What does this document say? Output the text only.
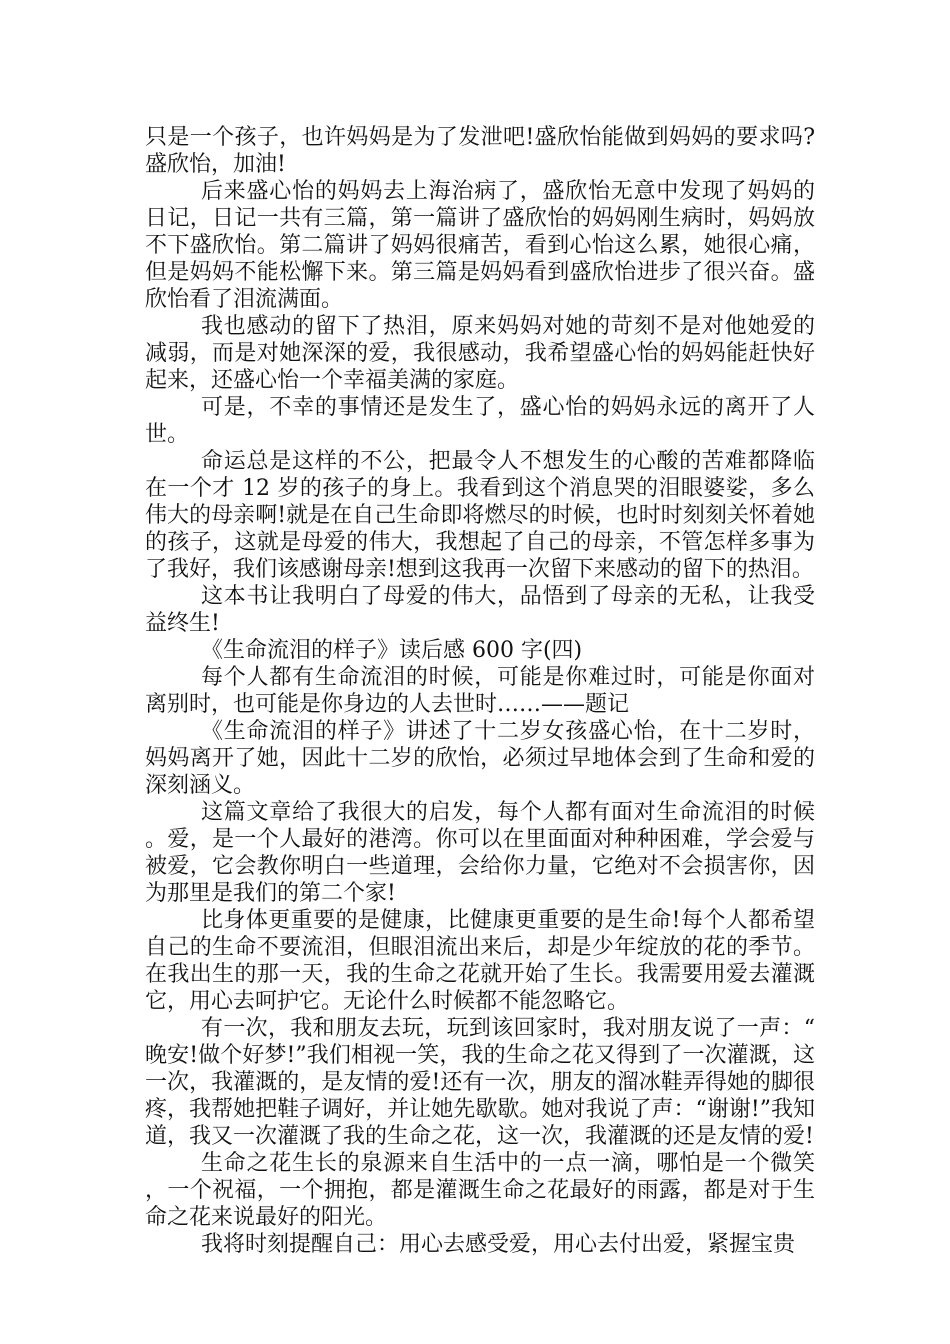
只是一个孩子，也许妈妈是为了发泄吧!盛欣怡能做到妈妈的要求吗?盛欣怡，加油!

后来盛心怡的妈妈去上海治病了，盛欣怡无意中发现了妈妈的日记，日记一共有三篇，第一篇讲了盛欣怡的妈妈刚生病时，妈妈放不下盛欣怡。第二篇讲了妈妈很痛苦，看到心怡这么累，她很心痛，但是妈妈不能松懈下来。第三篇是妈妈看到盛欣怡进步了很兴奋。盛欣怡看了泪流满面。

我也感动的留下了热泪，原来妈妈对她的苛刻不是对他她爱的减弱，而是对她深深的爱，我很感动，我希望盛心怡的妈妈能赶快好起来，还盛心怡一个幸福美满的家庭。

可是，不幸的事情还是发生了，盛心怡的妈妈永远的离开了人世。

命运总是这样的不公，把最令人不想发生的心酸的苦难都降临在一个才 12 岁的孩子的身上。我看到这个消息哭的泪眼婆娑，多么伟大的母亲啊!就是在自己生命即将燃尽的时候，也时时刻刻关怀着她的孩子，这就是母爱的伟大，我想起了自己的母亲，不管怎样多事为了我好，我们该感谢母亲!想到这我再一次留下来感动的留下的热泪。

这本书让我明白了母爱的伟大，品悟到了母亲的无私，让我受益终生!

《生命流泪的样子》读后感 600 字(四)

每个人都有生命流泪的时候，可能是你难过时，可能是你面对离别时，也可能是你身边的人去世时……——题记

《生命流泪的样子》讲述了十二岁女孩盛心怡，在十二岁时，妈妈离开了她，因此十二岁的欣怡，必须过早地体会到了生命和爱的深刻涵义。

这篇文章给了我很大的启发，每个人都有面对生命流泪的时候。爱，是一个人最好的港湾。你可以在里面面对种种困难，学会爱与被爱，它会教你明白一些道理，会给你力量，它绝对不会损害你，因为那里是我们的第二个家!

比身体更重要的是健康，比健康更重要的是生命!每个人都希望自己的生命不要流泪，但眼泪流出来后，却是少年绽放的花的季节。在我出生的那一天，我的生命之花就开始了生长。我需要用爱去灌溉它，用心去呵护它。无论什么时候都不能忽略它。

有一次，我和朋友去玩，玩到该回家时，我对朋友说了一声：“晚安!做个好梦!”我们相视一笑，我的生命之花又得到了一次灌溉，这一次，我灌溉的，是友情的爱!还有一次，朋友的溜冰鞋弄得她的脚很疼，我帮她把鞋子调好，并让她先歇歇。她对我说了声：“谢谢!”我知道，我又一次灌溉了我的生命之花，这一次，我灌溉的还是友情的爱!

生命之花生长的泉源来自生活中的一点一滴，哪怕是一个微笑，一个祝福，一个拥抱，都是灌溉生命之花最好的雨露，都是对于生命之花来说最好的阳光。

我将时刻提醒自己：用心去感受爱，用心去付出爱，紧握宝贵
